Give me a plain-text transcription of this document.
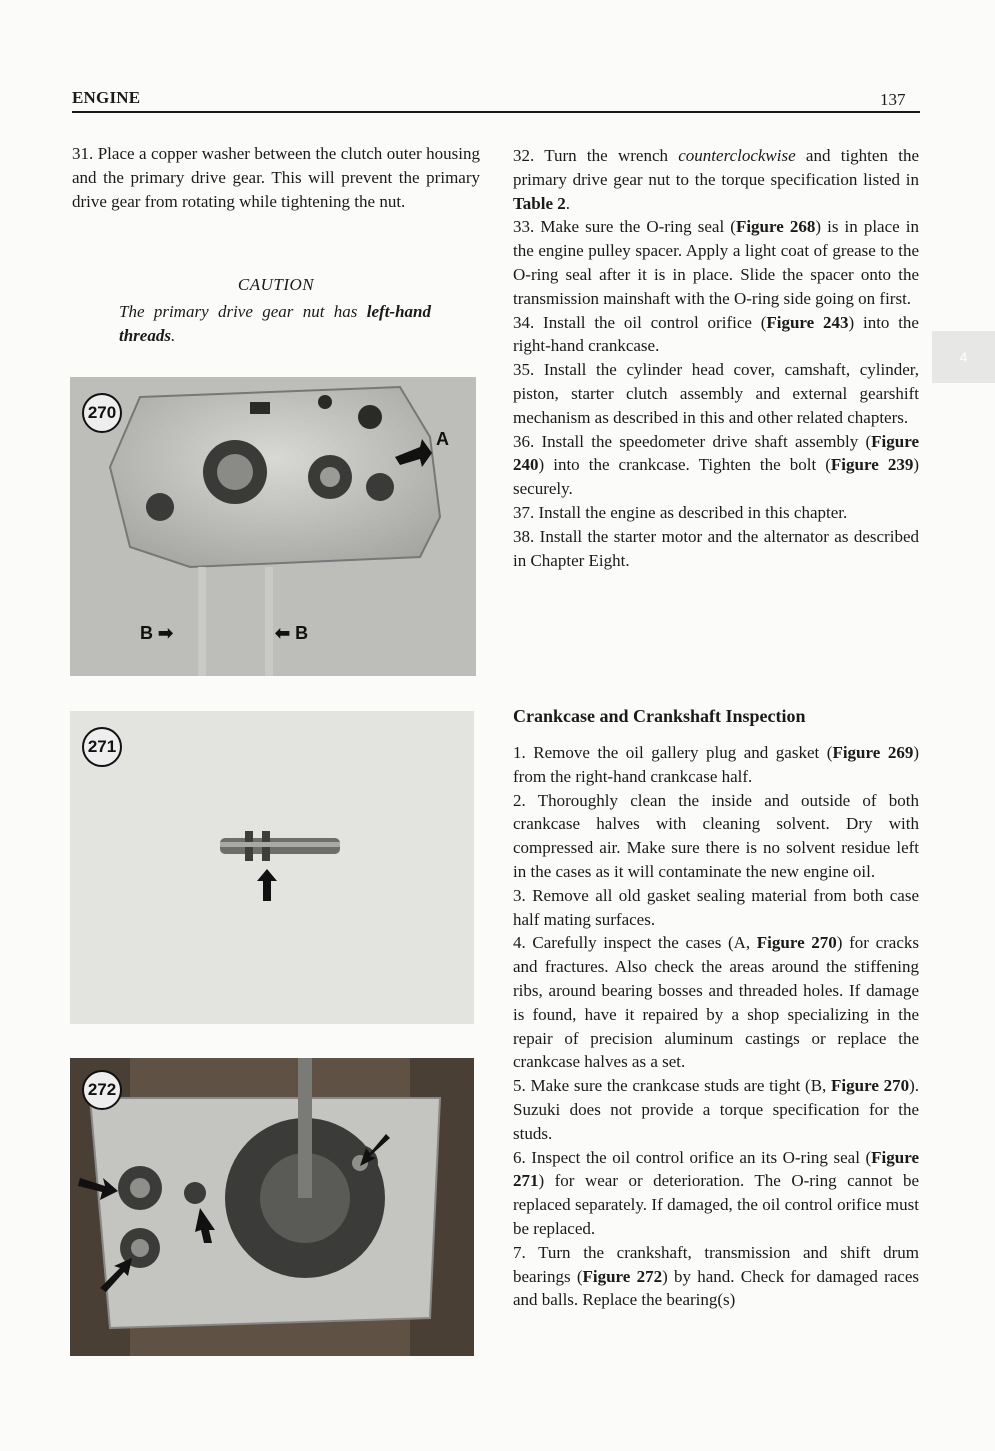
ENGINE	137
4

31. Place a copper washer between the clutch outer housing and the primary drive gear. This will prevent the primary drive gear from rotating while tightening the nut.

CAUTION
The primary drive gear nut has left-hand threads.
270
A
B ➡	⬅ B
271
272

32. Turn the wrench counterclockwise and tighten the primary drive gear nut to the torque specification listed in Table 2.

33. Make sure the O-ring seal (Figure 268) is in place in the engine pulley spacer. Apply a light coat of grease to the O-ring seal after it is in place. Slide the spacer onto the transmission mainshaft with the O-ring side going on first.

34. Install the oil control orifice (Figure 243) into the right-hand crankcase.

35. Install the cylinder head cover, camshaft, cylinder, piston, starter clutch assembly and external gearshift mechanism as described in this and other related chapters.

36. Install the speedometer drive shaft assembly (Figure 240) into the crankcase. Tighten the bolt (Figure 239) securely.

37. Install the engine as described in this chapter.

38. Install the starter motor and the alternator as described in Chapter Eight.

Crankcase and Crankshaft Inspection

1. Remove the oil gallery plug and gasket (Figure 269) from the right-hand crankcase half.

2. Thoroughly clean the inside and outside of both crankcase halves with cleaning solvent. Dry with compressed air. Make sure there is no solvent residue left in the cases as it will contaminate the new engine oil.

3. Remove all old gasket sealing material from both case half mating surfaces.

4. Carefully inspect the cases (A, Figure 270) for cracks and fractures. Also check the areas around the stiffening ribs, around bearing bosses and threaded holes. If damage is found, have it repaired by a shop specializing in the repair of precision aluminum castings or replace the crankcase halves as a set.

5. Make sure the crankcase studs are tight (B, Figure 270). Suzuki does not provide a torque specification for the studs.

6. Inspect the oil control orifice an its O-ring seal (Figure 271) for wear or deterioration. The O-ring cannot be replaced separately. If damaged, the oil control orifice must be replaced.

7. Turn the crankshaft, transmission and shift drum bearings (Figure 272) by hand. Check for damaged races and balls. Replace the bearing(s)
